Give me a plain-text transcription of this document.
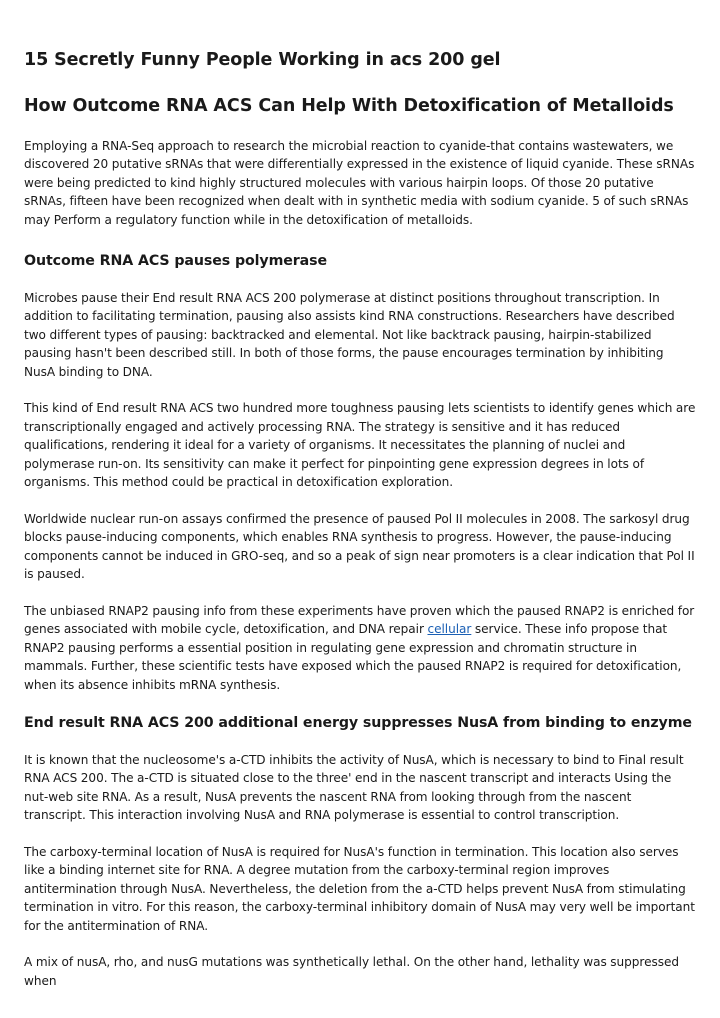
15 Secretly Funny People Working in acs 200 gel
How Outcome RNA ACS Can Help With Detoxification of Metalloids

Employing a RNA-Seq approach to research the microbial reaction to cyanide-that contains wastewaters, we discovered 20 putative sRNAs that were differentially expressed in the existence of liquid cyanide. These sRNAs were being predicted to kind highly structured molecules with various hairpin loops. Of those 20 putative sRNAs, fifteen have been recognized when dealt with in synthetic media with sodium cyanide. 5 of such sRNAs may Perform a regulatory function while in the detoxification of metalloids.

Outcome RNA ACS pauses polymerase

Microbes pause their End result RNA ACS 200 polymerase at distinct positions throughout transcription. In addition to facilitating termination, pausing also assists kind RNA constructions. Researchers have described two different types of pausing: backtracked and elemental. Not like backtrack pausing, hairpin-stabilized pausing hasn't been described still. In both of those forms, the pause encourages termination by inhibiting NusA binding to DNA.

This kind of End result RNA ACS two hundred more toughness pausing lets scientists to identify genes which are transcriptionally engaged and actively processing RNA. The strategy is sensitive and it has reduced qualifications, rendering it ideal for a variety of organisms. It necessitates the planning of nuclei and polymerase run-on. Its sensitivity can make it perfect for pinpointing gene expression degrees in lots of organisms. This method could be practical in detoxification exploration.

Worldwide nuclear run-on assays confirmed the presence of paused Pol II molecules in 2008. The sarkosyl drug blocks pause-inducing components, which enables RNA synthesis to progress. However, the pause-inducing components cannot be induced in GRO-seq, and so a peak of sign near promoters is a clear indication that Pol II is paused.

The unbiased RNAP2 pausing info from these experiments have proven which the paused RNAP2 is enriched for genes associated with mobile cycle, detoxification, and DNA repair cellular service. These info propose that RNAP2 pausing performs a essential position in regulating gene expression and chromatin structure in mammals. Further, these scientific tests have exposed which the paused RNAP2 is required for detoxification, when its absence inhibits mRNA synthesis.

End result RNA ACS 200 additional energy suppresses NusA from binding to enzyme

It is known that the nucleosome's a-CTD inhibits the activity of NusA, which is necessary to bind to Final result RNA ACS 200. The a-CTD is situated close to the three' end in the nascent transcript and interacts Using the nut-web site RNA. As a result, NusA prevents the nascent RNA from looking through from the nascent transcript. This interaction involving NusA and RNA polymerase is essential to control transcription.

The carboxy-terminal location of NusA is required for NusA's function in termination. This location also serves like a binding internet site for RNA. A degree mutation from the carboxy-terminal region improves antitermination through NusA. Nevertheless, the deletion from the a-CTD helps prevent NusA from stimulating termination in vitro. For this reason, the carboxy-terminal inhibitory domain of NusA may very well be important for the antitermination of RNA.

A mix of nusA, rho, and nusG mutations was synthetically lethal. On the other hand, lethality was suppressed when
